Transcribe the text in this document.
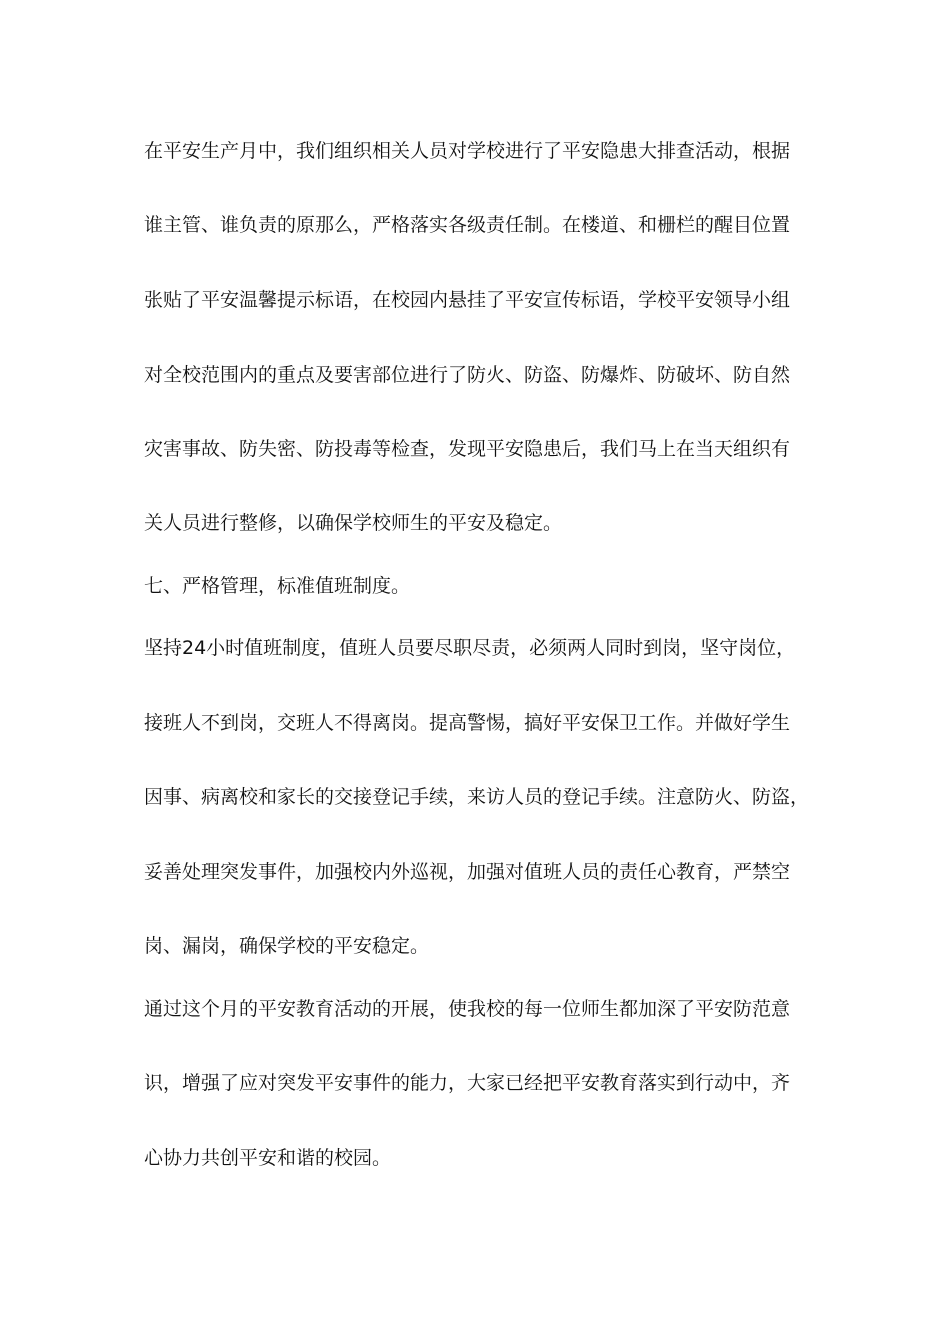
在平安生产月中，我们组织相关人员对学校进行了平安隐患大排查活动，根据
谁主管、谁负责的原那么，严格落实各级责任制。在楼道、和栅栏的醒目位置
张贴了平安温馨提示标语，在校园内悬挂了平安宣传标语，学校平安领导小组
对全校范围内的重点及要害部位进行了防火、防盗、防爆炸、防破坏、防自然
灾害事故、防失密、防投毒等检查，发现平安隐患后，我们马上在当天组织有
关人员进行整修，以确保学校师生的平安及稳定。
七、严格管理，标准值班制度。
坚持24小时值班制度，值班人员要尽职尽责，必须两人同时到岗，坚守岗位，
接班人不到岗，交班人不得离岗。提高警惕，搞好平安保卫工作。并做好学生
因事、病离校和家长的交接登记手续，来访人员的登记手续。注意防火、防盗，
妥善处理突发事件，加强校内外巡视，加强对值班人员的责任心教育，严禁空
岗、漏岗，确保学校的平安稳定。
通过这个月的平安教育活动的开展，使我校的每一位师生都加深了平安防范意
识，增强了应对突发平安事件的能力，大家已经把平安教育落实到行动中，齐
心协力共创平安和谐的校园。
